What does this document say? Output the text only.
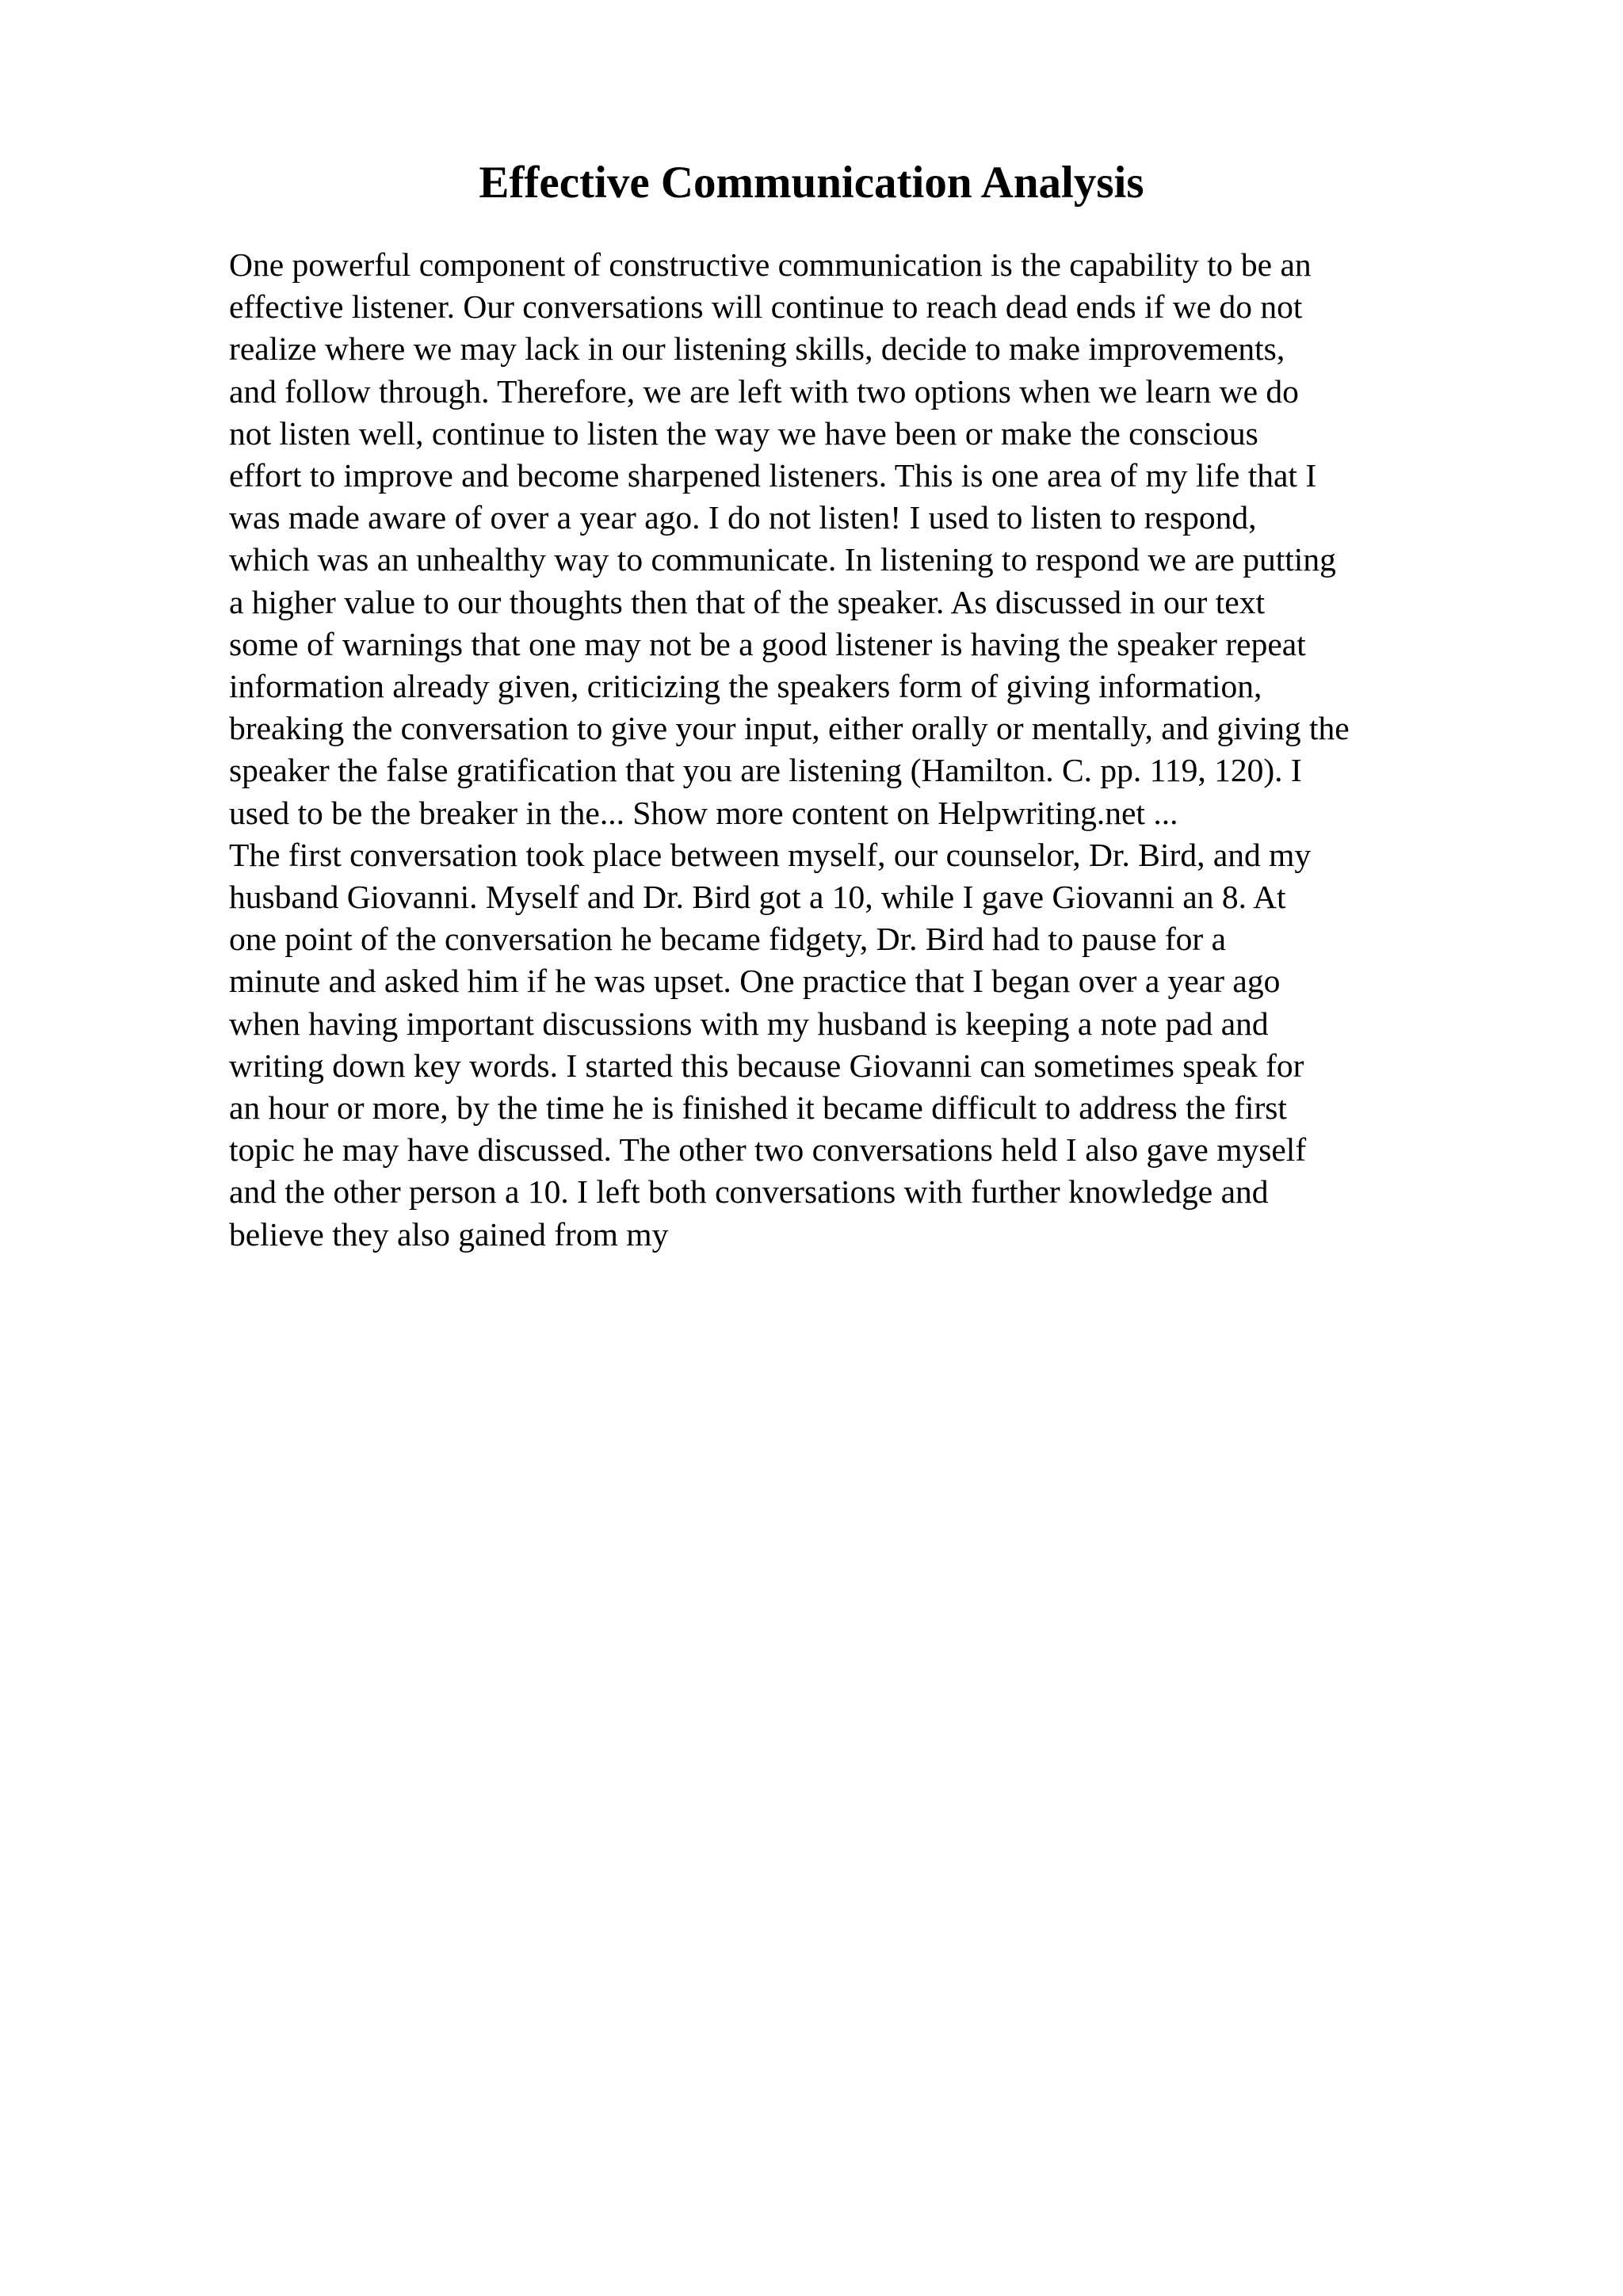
Effective Communication Analysis
One powerful component of constructive communication is the capability to be an
effective listener. Our conversations will continue to reach dead ends if we do not
realize where we may lack in our listening skills, decide to make improvements,
and follow through. Therefore, we are left with two options when we learn we do
not listen well, continue to listen the way we have been or make the conscious
effort to improve and become sharpened listeners. This is one area of my life that I
was made aware of over a year ago. I do not listen! I used to listen to respond,
which was an unhealthy way to communicate. In listening to respond we are putting
a higher value to our thoughts then that of the speaker. As discussed in our text
some of warnings that one may not be a good listener is having the speaker repeat
information already given, criticizing the speakers form of giving information,
breaking the conversation to give your input, either orally or mentally, and giving the
speaker the false gratification that you are listening (Hamilton. C. pp. 119, 120). I
used to be the breaker in the... Show more content on Helpwriting.net ...
The first conversation took place between myself, our counselor, Dr. Bird, and my
husband Giovanni. Myself and Dr. Bird got a 10, while I gave Giovanni an 8. At
one point of the conversation he became fidgety, Dr. Bird had to pause for a
minute and asked him if he was upset. One practice that I began over a year ago
when having important discussions with my husband is keeping a note pad and
writing down key words. I started this because Giovanni can sometimes speak for
an hour or more, by the time he is finished it became difficult to address the first
topic he may have discussed. The other two conversations held I also gave myself
and the other person a 10. I left both conversations with further knowledge and
believe they also gained from my
